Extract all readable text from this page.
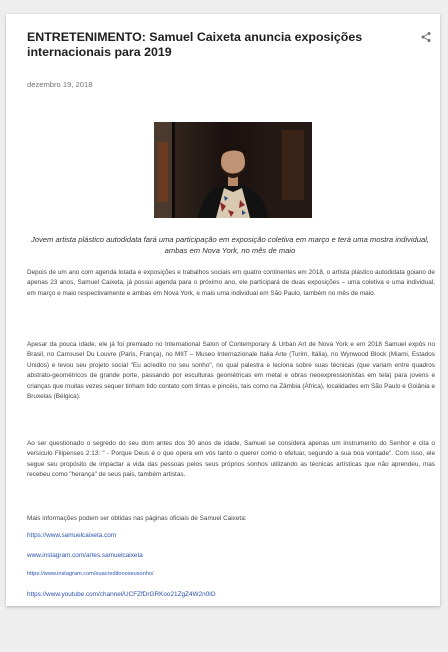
ENTRETENIMENTO: Samuel Caixeta anuncia exposições internacionais para 2019
dezembro 19, 2018

Jovem artista plástico autodidata fará uma participação em exposição coletiva em março e terá uma mostra individual, ambas em Nova York, no mês de maio

Depois de um ano com agenda lotada e exposições e trabalhos sociais em quatro continentes em 2018, o artista plástico autodidata goiano de apenas 23 anos, Samuel Caixeta, já possui agenda para o próximo ano, ele participará de duas exposições – uma coletiva e uma individual, em março e maio respectivamente e ambas em Nova York, e mais uma individual em São Paulo, também no mês de maio.

Apesar da pouca idade, ele já foi premiado no International Salon of Contemporary & Urban Art de Nova York e em 2018 Samuel expôs no Brasil, no Carrousel Du Louvre (Paris, França), no MIIT – Museo Internazionale Italia Arte (Turim, Itália), no Wynwood Block (Miami, Estados Unidos) e levou seu projeto social "Eu acredito no seu sonho", no qual palestra e leciona sobre suas técnicas (que variam entre quadros abstrato-geométricos de grande porte, passando por esculturas geométricas em metal e obras neoexpressionistas em tela) para jovens e crianças que muitas vezes sequer tinham tido contato com tintas e pincéis, tais como na Zâmbia (África), localidades em São Paulo e Goiânia e Bruxelas (Bélgica).

Ao ser questionado o segredo do seu dom antes dos 30 anos de idade, Samuel se considera apenas um instrumento do Senhor e cita o versículo Filipenses 2:13: " - Porque Deus é o que opera em vós tanto o querer como o efetuar, segundo a sua boa vontade". Com isso, ele segue seu propósito de impactar a vida das pessoas pelos seus próprios sonhos utilizando as técnicas artísticas que não aprendeu, mas recebeu como "herança" de seus pais, também artistas.

Mais informações podem ser obtidas nas páginas oficiais de Samuel Caixeta:

https://www.samuelcaixeta.com
www.instagram.com/artes.samuelcaixeta
https://www.instagram.com/euacreditonoseusonho/
https://www.youtube.com/channel/UCFZfDrGRKoo21ZgZ4W2n0lO
